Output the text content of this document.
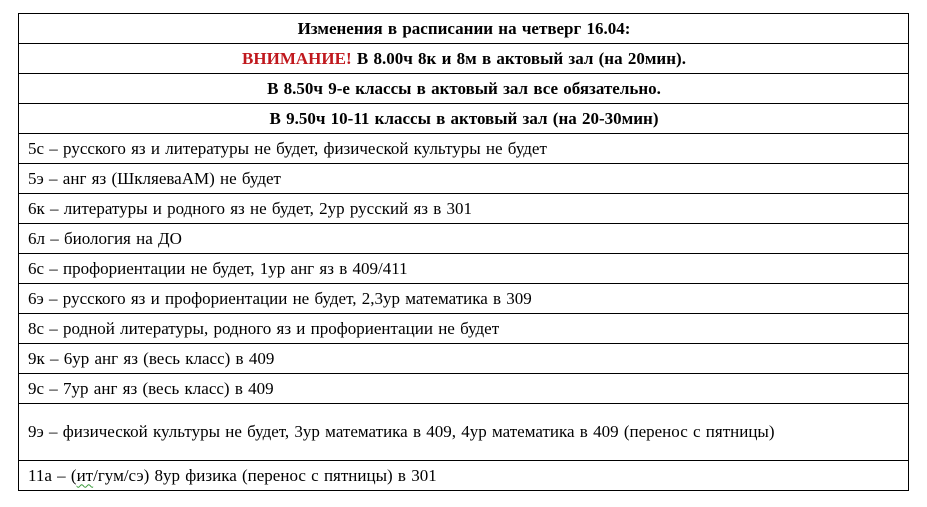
Изменения в расписании на четверг 16.04:
ВНИМАНИЕ! В 8.00ч 8к и 8м в актовый зал (на 20мин).
В 8.50ч 9-е классы в актовый зал все обязательно.
В 9.50ч 10-11 классы в актовый зал (на 20-30мин)
5с – русского яз и литературы не будет, физической культуры не будет
5э – анг яз (ШкляеваАМ) не будет
6к – литературы и родного яз не будет, 2ур русский яз в 301
6л – биология на ДО
6с – профориентации не будет, 1ур анг яз в 409/411
6э – русского яз и профориентации не будет, 2,3ур математика в 309
8с – родной литературы, родного яз и профориентации не будет
9к – 6ур анг яз (весь класс) в 409
9с – 7ур анг яз (весь класс) в 409
9э – физической культуры не будет, 3ур математика в 409, 4ур математика в 409 (перенос с пятницы)
11а – (ит/гум/сэ) 8ур физика (перенос с пятницы) в 301
